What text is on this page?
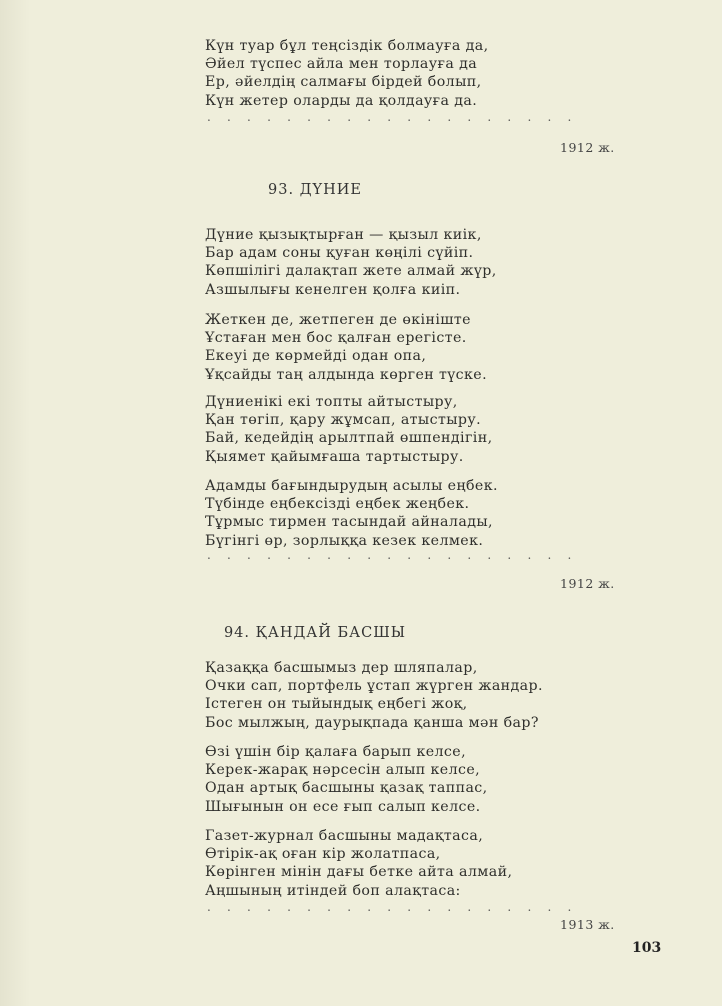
Күн туар бұл теңсіздік болмауға да,
Әйел түспес айла мен торлауға да
Ер, әйелдің салмағы бірдей болып,
Күн жетер оларды да қолдауға да.
. . . . . . . . . . . . . . . . . . .
1912 ж.
93. ДҮНИЕ
Дүние қызықтырған — қызыл киік,
Бар адам соны қуған көңілі сүйіп.
Көпшілігі далақтап жете алмай жүр,
Азшылығы кенелген қолға киіп.
Жеткен де, жетпеген де өкініште
Ұстаған мен бос қалған ерегісте.
Екеуі де көрмейді одан опа,
Ұқсайды таң алдында көрген түске.
Дүниенікі екі топты айтыстыру,
Қан төгіп, қару жұмсап, атыстыру.
Бай, кедейдің арылтпай өшпендігін,
Қыямет қайымғаша тартыстыру.
Адамды бағындырудың асылы еңбек.
Түбінде еңбексізді еңбек жеңбек.
Тұрмыс тирмен тасындай айналады,
Бүгінгі өр, зорлыққа кезек келмек.
. . . . . . . . . . . . . . . . . . .
1912 ж.
94. ҚАНДАЙ БАСШЫ
Қазаққа басшымыз дер шляпалар,
Очки сап, портфель ұстап жүрген жандар.
Істеген он тыйындық еңбегі жоқ,
Бос мылжың, даурықпада қанша мән бар?
Өзі үшін бір қалаға барып келсе,
Керек-жарақ нәрсесін алып келсе,
Одан артық басшыны қазақ таппас,
Шығынын он есе ғып салып келсе.
Газет-журнал басшыны мадақтаса,
Өтірік-ақ оған кір жолатпаса,
Көрінген мінін дағы бетке айта алмай,
Аңшының итіндей боп алақтаса:
. . . . . . . . . . . . . . . . . . .
1913 ж.
103
